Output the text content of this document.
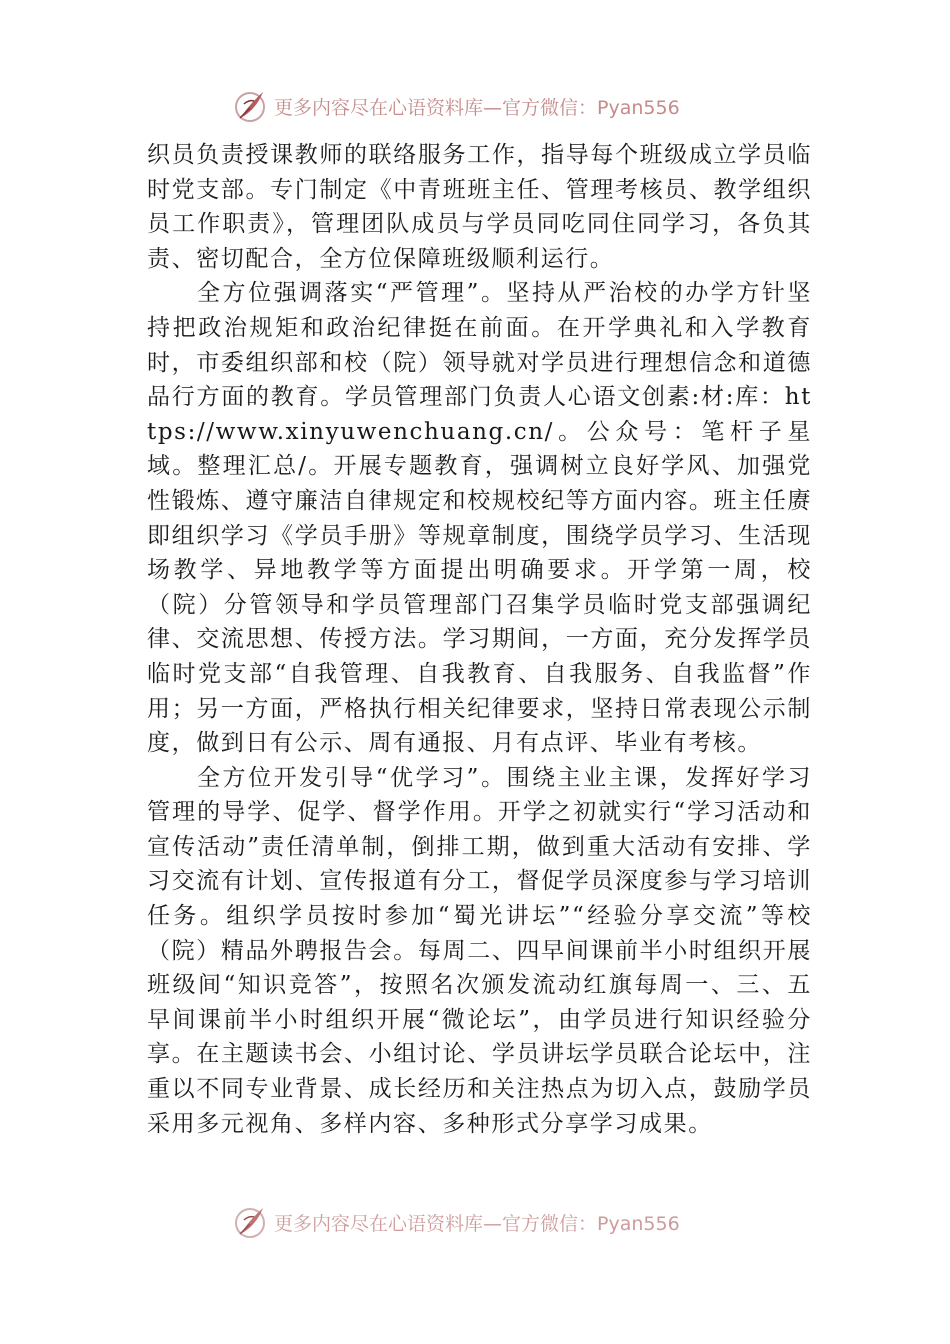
更多内容尽在心语资料库—官方微信：Pyan556

织员负责授课教师的联络服务工作，指导每个班级成立学员临时党支部。专门制定《中青班班主任、管理考核员、教学组织员工作职责》，管理团队成员与学员同吃同住同学习，各负其责、密切配合，全方位保障班级顺利运行。

全方位强调落实“严管理”。坚持从严治校的办学方针坚持把政治规矩和政治纪律挺在前面。在开学典礼和入学教育时，市委组织部和校（院）领导就对学员进行理想信念和道德品行方面的教育。学员管理部门负责人心语文创素:材:库：https://www.xinyuwenchuang.cn/。公众号：笔杆子星域。整理汇总/。开展专题教育，强调树立良好学风、加强党性锻炼、遵守廉洁自律规定和校规校纪等方面内容。班主任赓即组织学习《学员手册》等规章制度，围绕学员学习、生活现场教学、异地教学等方面提出明确要求。开学第一周，校（院）分管领导和学员管理部门召集学员临时党支部强调纪律、交流思想、传授方法。学习期间，一方面，充分发挥学员临时党支部“自我管理、自我教育、自我服务、自我监督”作用；另一方面，严格执行相关纪律要求，坚持日常表现公示制度，做到日有公示、周有通报、月有点评、毕业有考核。

全方位开发引导“优学习”。围绕主业主课，发挥好学习管理的导学、促学、督学作用。开学之初就实行“学习活动和宣传活动”责任清单制，倒排工期，做到重大活动有安排、学习交流有计划、宣传报道有分工，督促学员深度参与学习培训任务。组织学员按时参加“蜀光讲坛”“经验分享交流”等校（院）精品外聘报告会。每周二、四早间课前半小时组织开展班级间“知识竞答”，按照名次颁发流动红旗每周一、三、五早间课前半小时组织开展“微论坛”，由学员进行知识经验分享。在主题读书会、小组讨论、学员讲坛学员联合论坛中，注重以不同专业背景、成长经历和关注热点为切入点，鼓励学员采用多元视角、多样内容、多种形式分享学习成果。

更多内容尽在心语资料库—官方微信：Pyan556
